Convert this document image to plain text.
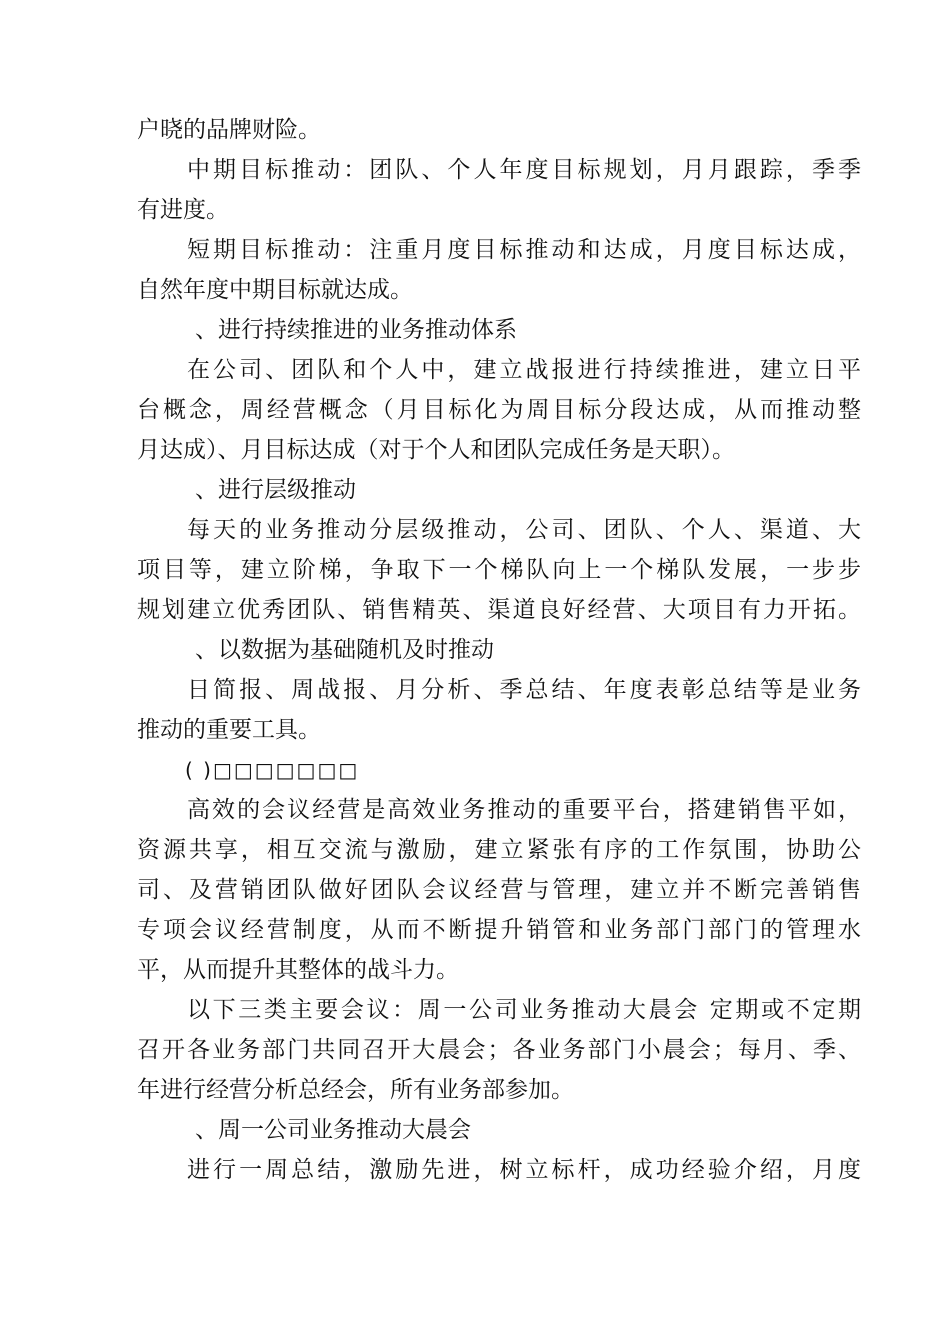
户晓的品牌财险。
中期目标推动：团队、个人年度目标规划，月月跟踪，季季
有进度。
短期目标推动：注重月度目标推动和达成，月度目标达成，
自然年度中期目标就达成。
、进行持续推进的业务推动体系
在公司、团队和个人中，建立战报进行持续推进，建立日平
台概念，周经营概念（月目标化为周目标分段达成，从而推动整
月达成）、月目标达成（对于个人和团队完成任务是天职）。
、进行层级推动
每天的业务推动分层级推动，公司、团队、个人、渠道、大
项目等，建立阶梯，争取下一个梯队向上一个梯队发展，一步步
规划建立优秀团队、销售精英、渠道良好经营、大项目有力开拓。
、以数据为基础随机及时推动
日简报、周战报、月分析、季总结、年度表彰总结等是业务
推动的重要工具。
( )□□□□□□□
高效的会议经营是高效业务推动的重要平台，搭建销售平如，
资源共享，相互交流与激励，建立紧张有序的工作氛围，协助公
司、及营销团队做好团队会议经营与管理，建立并不断完善销售
专项会议经营制度，从而不断提升销管和业务部门部门的管理水
平，从而提升其整体的战斗力。
以下三类主要会议：周一公司业务推动大晨会 定期或不定期
召开各业务部门共同召开大晨会；各业务部门小晨会；每月、季、
年进行经营分析总经会，所有业务部参加。
、周一公司业务推动大晨会
进行一周总结，激励先进，树立标杆，成功经验介绍，月度
